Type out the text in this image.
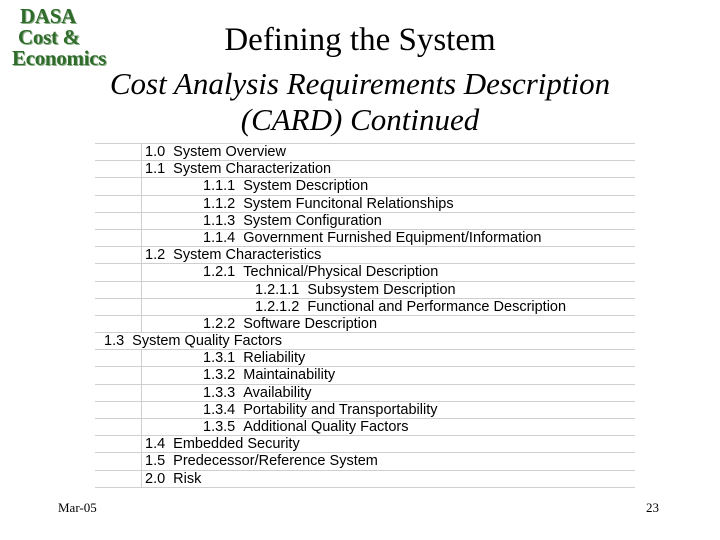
DASA
Cost &
Economics	Defining the System
Cost Analysis Requirements Description
(CARD) Continued
1.0 System Overview
1.1 System Characterization
1.1.1 System Description
1.1.2 System Funcitonal Relationships
1.1.3 System Configuration
1.1.4 Government Furnished Equipment/Information
1.2 System Characteristics
1.2.1 Technical/Physical Description
1.2.1.1 Subsystem Description
1.2.1.2 Functional and Performance Description
1.2.2 Software Description
1.3 System Quality Factors
1.3.1 Reliability
1.3.2 Maintainability
1.3.3 Availability
1.3.4 Portability and Transportability
1.3.5 Additional Quality Factors
1.4 Embedded Security
1.5 Predecessor/Reference System
2.0 Risk
Mar-05	23
